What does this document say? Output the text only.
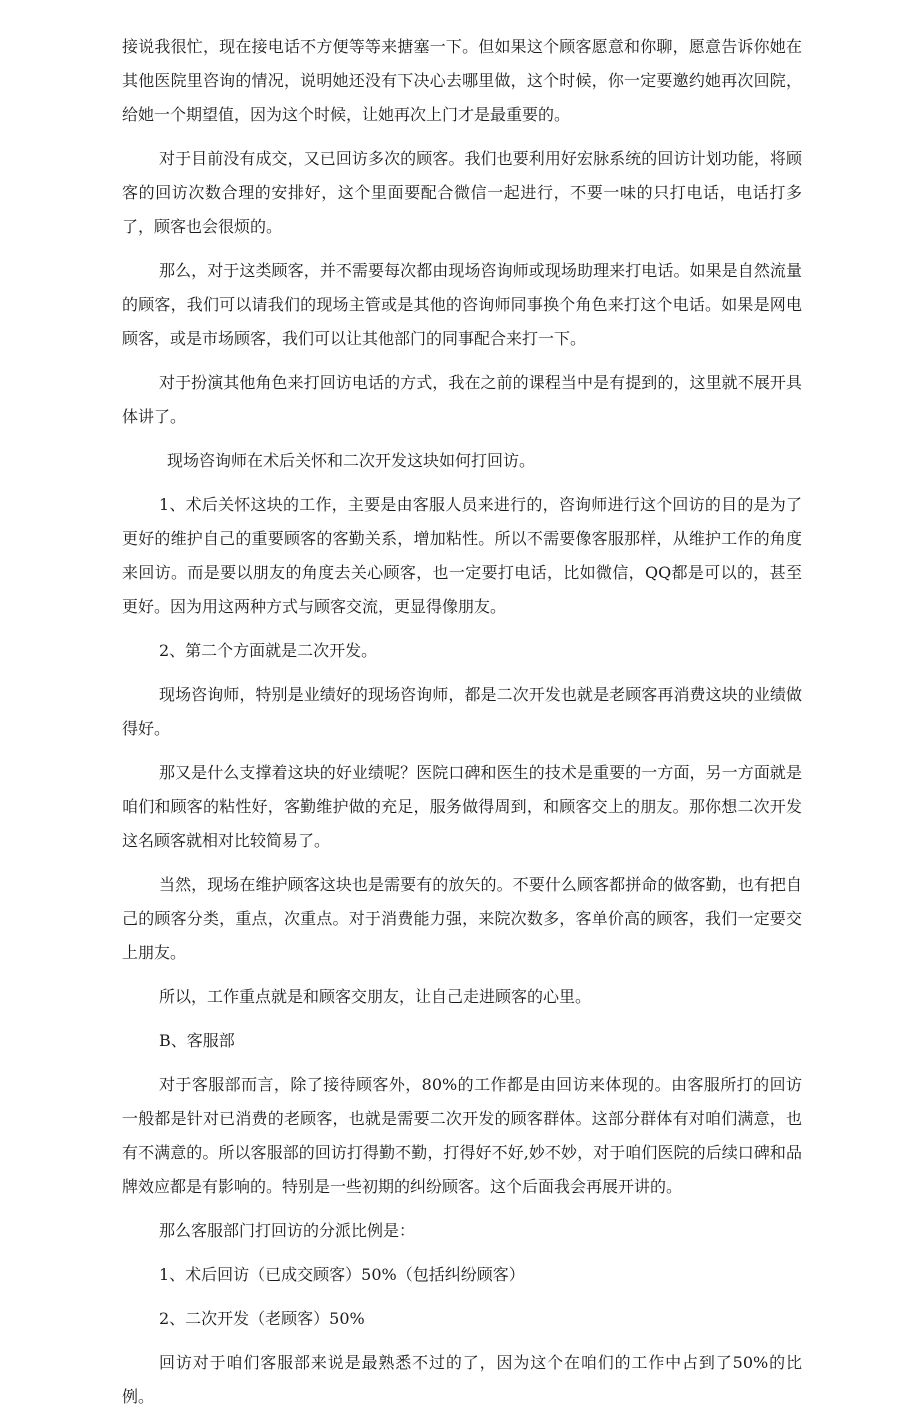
接说我很忙，现在接电话不方便等等来搪塞一下。但如果这个顾客愿意和你聊，愿意告诉你她在其他医院里咨询的情况，说明她还没有下决心去哪里做，这个时候，你一定要邀约她再次回院，给她一个期望值，因为这个时候，让她再次上门才是最重要的。

对于目前没有成交，又已回访多次的顾客。我们也要利用好宏脉系统的回访计划功能，将顾客的回访次数合理的安排好，这个里面要配合微信一起进行，不要一味的只打电话，电话打多了，顾客也会很烦的。

那么，对于这类顾客，并不需要每次都由现场咨询师或现场助理来打电话。如果是自然流量的顾客，我们可以请我们的现场主管或是其他的咨询师同事换个角色来打这个电话。如果是网电顾客，或是市场顾客，我们可以让其他部门的同事配合来打一下。

对于扮演其他角色来打回访电话的方式，我在之前的课程当中是有提到的，这里就不展开具体讲了。

现场咨询师在术后关怀和二次开发这块如何打回访。

1、术后关怀这块的工作，主要是由客服人员来进行的，咨询师进行这个回访的目的是为了更好的维护自己的重要顾客的客勤关系，增加粘性。所以不需要像客服那样，从维护工作的角度来回访。而是要以朋友的角度去关心顾客，也一定要打电话，比如微信，QQ都是可以的，甚至更好。因为用这两种方式与顾客交流，更显得像朋友。

2、第二个方面就是二次开发。

现场咨询师，特别是业绩好的现场咨询师，都是二次开发也就是老顾客再消费这块的业绩做得好。

那又是什么支撑着这块的好业绩呢？医院口碑和医生的技术是重要的一方面，另一方面就是咱们和顾客的粘性好，客勤维护做的充足，服务做得周到，和顾客交上的朋友。那你想二次开发这名顾客就相对比较简易了。

当然，现场在维护顾客这块也是需要有的放矢的。不要什么顾客都拼命的做客勤，也有把自己的顾客分类，重点，次重点。对于消费能力强，来院次数多，客单价高的顾客，我们一定要交上朋友。

所以，工作重点就是和顾客交朋友，让自己走进顾客的心里。

B、客服部

对于客服部而言，除了接待顾客外，80%的工作都是由回访来体现的。由客服所打的回访一般都是针对已消费的老顾客，也就是需要二次开发的顾客群体。这部分群体有对咱们满意，也有不满意的。所以客服部的回访打得勤不勤，打得好不好,妙不妙，对于咱们医院的后续口碑和品牌效应都是有影响的。特别是一些初期的纠纷顾客。这个后面我会再展开讲的。

那么客服部门打回访的分派比例是：

1、术后回访（已成交顾客）50%（包括纠纷顾客）

2、二次开发（老顾客）50%

回访对于咱们客服部来说是最熟悉不过的了，因为这个在咱们的工作中占到了50%的比例。
